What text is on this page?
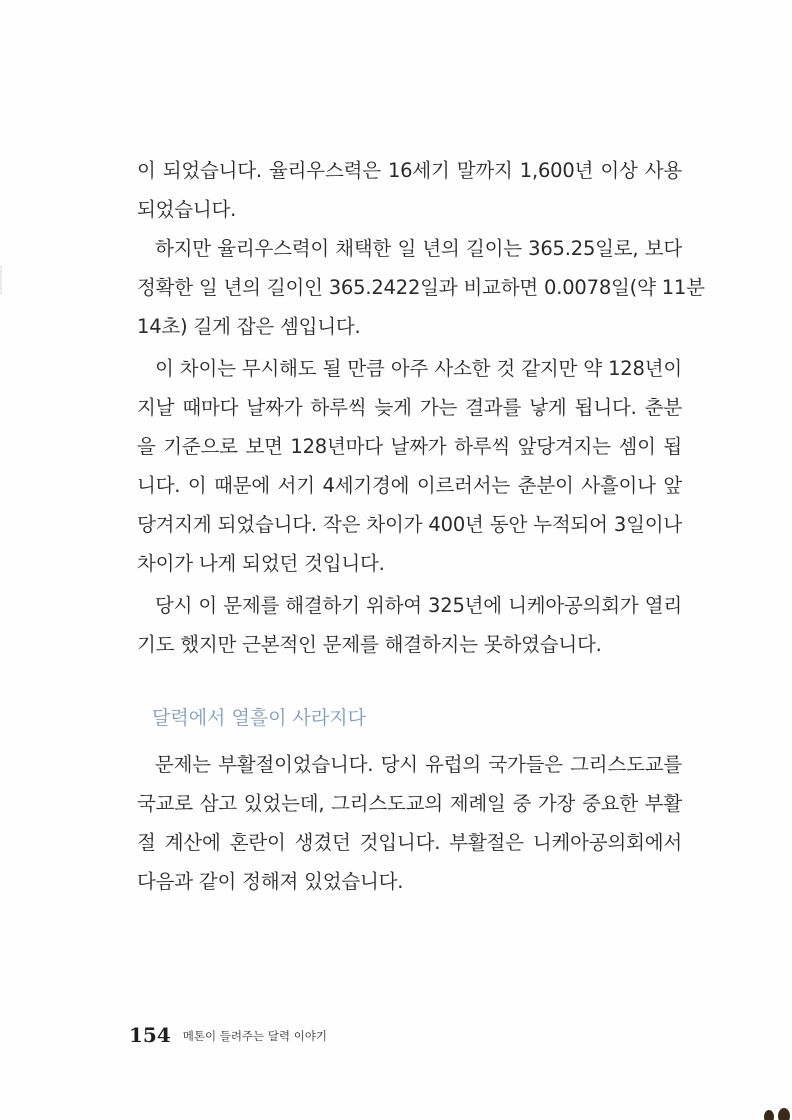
이 되었습니다. 율리우스력은 16세기 말까지 1,600년 이상 사용
되었습니다.
하지만 율리우스력이 채택한 일 년의 길이는 365.25일로, 보다
정확한 일 년의 길이인 365.2422일과 비교하면 0.0078일(약 11분
14초) 길게 잡은 셈입니다.
이 차이는 무시해도 될 만큼 아주 사소한 것 같지만 약 128년이
지날 때마다 날짜가 하루씩 늦게 가는 결과를 낳게 됩니다. 춘분
을 기준으로 보면 128년마다 날짜가 하루씩 앞당겨지는 셈이 됩
니다. 이 때문에 서기 4세기경에 이르러서는 춘분이 사흘이나 앞
당겨지게 되었습니다. 작은 차이가 400년 동안 누적되어 3일이나
차이가 나게 되었던 것입니다.
당시 이 문제를 해결하기 위하여 325년에 니케아공의회가 열리
기도 했지만 근본적인 문제를 해결하지는 못하였습니다.
달력에서 열흘이 사라지다
문제는 부활절이었습니다. 당시 유럽의 국가들은 그리스도교를
국교로 삼고 있었는데, 그리스도교의 제례일 중 가장 중요한 부활
절 계산에 혼란이 생겼던 것입니다. 부활절은 니케아공의회에서
다음과 같이 정해져 있었습니다.
154 메톤이 들려주는 달력 이야기
